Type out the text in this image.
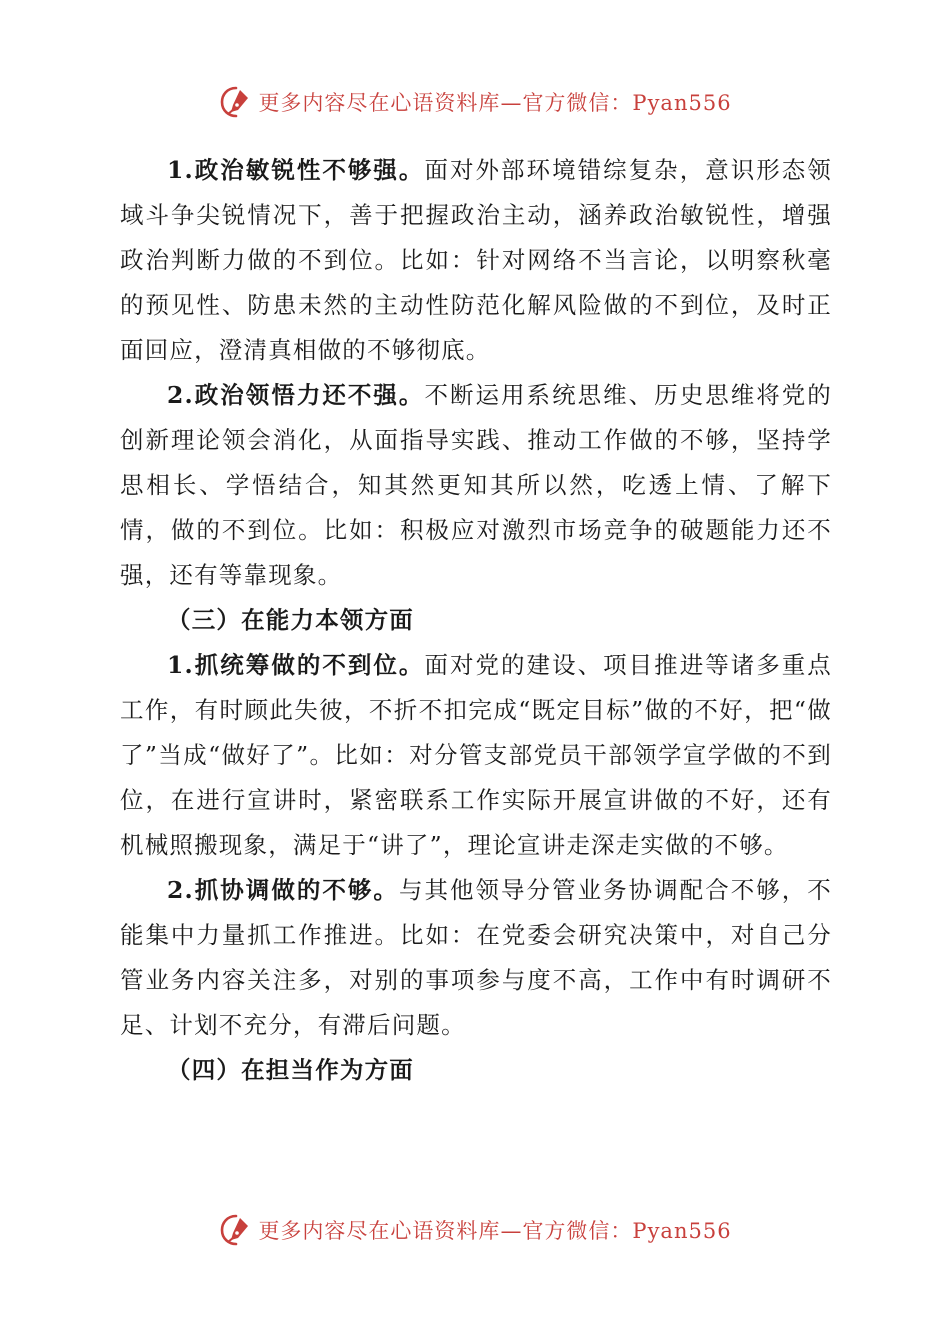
更多内容尽在心语资料库—官方微信：Pyan556

1.政治敏锐性不够强。面对外部环境错综复杂，意识形态领域斗争尖锐情况下，善于把握政治主动，涵养政治敏锐性，增强政治判断力做的不到位。比如：针对网络不当言论，以明察秋毫的预见性、防患未然的主动性防范化解风险做的不到位，及时正面回应，澄清真相做的不够彻底。

2.政治领悟力还不强。不断运用系统思维、历史思维将党的创新理论领会消化，从面指导实践、推动工作做的不够，坚持学思相长、学悟结合，知其然更知其所以然，吃透上情、了解下情，做的不到位。比如：积极应对激烈市场竞争的破题能力还不强，还有等靠现象。

（三）在能力本领方面

1.抓统筹做的不到位。面对党的建设、项目推进等诸多重点工作，有时顾此失彼，不折不扣完成“既定目标”做的不好，把“做了”当成“做好了”。比如：对分管支部党员干部领学宣学做的不到位，在进行宣讲时，紧密联系工作实际开展宣讲做的不好，还有机械照搬现象，满足于“讲了”，理论宣讲走深走实做的不够。

2.抓协调做的不够。与其他领导分管业务协调配合不够，不能集中力量抓工作推进。比如：在党委会研究决策中，对自己分管业务内容关注多，对别的事项参与度不高，工作中有时调研不足、计划不充分，有滞后问题。

（四）在担当作为方面
更多内容尽在心语资料库—官方微信：Pyan556
